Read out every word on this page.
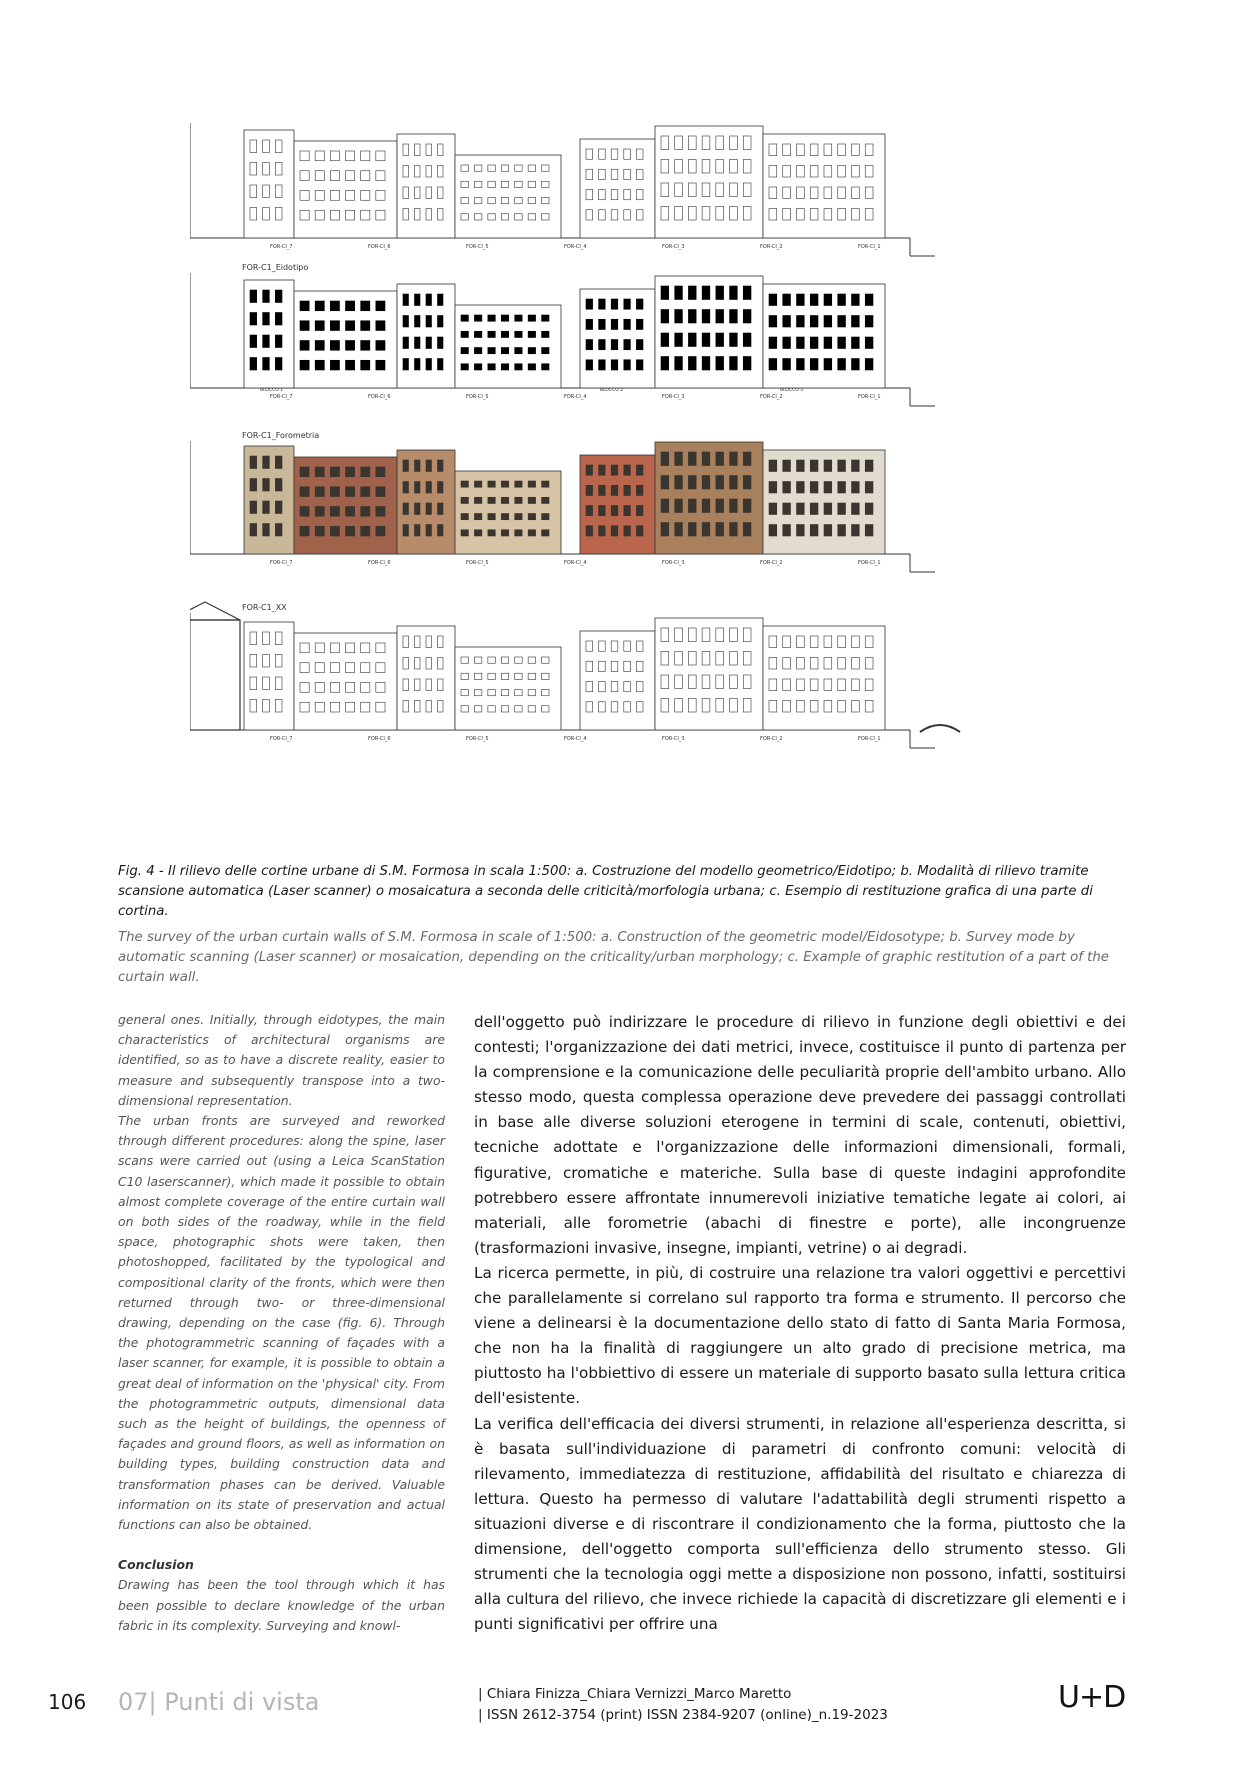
FOR-CI_7	FOR-CI_6	FOR-CI_5	FOR-CI_4	FOR-CI_3	FOR-CI_2	FOR-CI_1
FOR-CI_7	FOR-CI_6	FOR-CI_5	FOR-CI_4	FOR-CI_3	FOR-CI_2	FOR-CI_1
BLOCCO 1	BLOCCO 2	BLOCCO 3
FOR-C1_Eidotipo
FOR-CI_7	FOR-CI_6	FOR-CI_5	FOR-CI_4	FOR-CI_3	FOR-CI_2	FOR-CI_1
FOR-C1_Forometria
FOR-CI_7	FOR-CI_6	FOR-CI_5	FOR-CI_4	FOR-CI_3	FOR-CI_2	FOR-CI_1
FOR-C1_XX
Fig. 4 - Il rilievo delle cortine urbane di S.M. Formosa in scala 1:500: a. Costruzione del modello geometrico/Eidotipo; b. Modalità di rilievo tramite scansione automatica (Laser scanner) o mosaicatura a seconda delle criticità/morfologia urbana; c. Esempio di restituzione grafica di una parte di cortina.
The survey of the urban curtain walls of S.M. Formosa in scale of 1:500: a. Construction of the geometric model/Eidosotype; b. Survey mode by automatic scanning (Laser scanner) or mosaication, depending on the criticality/urban morphology; c. Example of graphic restitution of a part of the curtain wall.

general ones. Initially, through eidotypes, the main characteristics of architectural organisms are identified, so as to have a discrete reality, easier to measure and subsequently transpose into a two-dimensional representation.

The urban fronts are surveyed and reworked through different procedures: along the spine, laser scans were carried out (using a Leica ScanStation C10 laserscanner), which made it possible to obtain almost complete coverage of the entire curtain wall on both sides of the roadway, while in the field space, photographic shots were taken, then photoshopped, facilitated by the typological and compositional clarity of the fronts, which were then returned through two- or three-dimensional drawing, depending on the case (fig. 6). Through the photogrammetric scanning of façades with a laser scanner, for example, it is possible to obtain a great deal of information on the 'physical' city. From the photogrammetric outputs, dimensional data such as the height of buildings, the openness of façades and ground floors, as well as information on building types, building construction data and transformation phases can be derived. Valuable information on its state of preservation and actual functions can also be obtained.

Conclusion

Drawing has been the tool through which it has been possible to declare knowledge of the urban fabric in its complexity. Surveying and knowl-

dell'oggetto può indirizzare le procedure di rilievo in funzione degli obiettivi e dei contesti; l'organizzazione dei dati metrici, invece, costituisce il punto di partenza per la comprensione e la comunicazione delle peculiarità proprie dell'ambito urbano. Allo stesso modo, questa complessa operazione deve prevedere dei passaggi controllati in base alle diverse soluzioni eterogene in termini di scale, contenuti, obiettivi, tecniche adottate e l'organizzazione delle informazioni dimensionali, formali, figurative, cromatiche e materiche. Sulla base di queste indagini approfondite potrebbero essere affrontate innumerevoli iniziative tematiche legate ai colori, ai materiali, alle forometrie (abachi di finestre e porte), alle incongruenze (trasformazioni invasive, insegne, impianti, vetrine) o ai degradi.

La ricerca permette, in più, di costruire una relazione tra valori oggettivi e percettivi che parallelamente si correlano sul rapporto tra forma e strumento. Il percorso che viene a delinearsi è la documentazione dello stato di fatto di Santa Maria Formosa, che non ha la finalità di raggiungere un alto grado di precisione metrica, ma piuttosto ha l'obbiettivo di essere un materiale di supporto basato sulla lettura critica dell'esistente.

La verifica dell'efficacia dei diversi strumenti, in relazione all'esperienza descritta, si è basata sull'individuazione di parametri di confronto comuni: velocità di rilevamento, immediatezza di restituzione, affidabilità del risultato e chiarezza di lettura. Questo ha permesso di valutare l'adattabilità degli strumenti rispetto a situazioni diverse e di riscontrare il condizionamento che la forma, piuttosto che la dimensione, dell'oggetto comporta sull'efficienza dello strumento stesso. Gli strumenti che la tecnologia oggi mette a disposizione non possono, infatti, sostituirsi alla cultura del rilievo, che invece richiede la capacità di discretizzare gli elementi e i punti significativi per offrire una

106 07| Punti di vista	| Chiara Finizza_Chiara Vernizzi_Marco Maretto
| ISSN 2612-3754 (print) ISSN 2384-9207 (online)_n.19-2023	U+D
